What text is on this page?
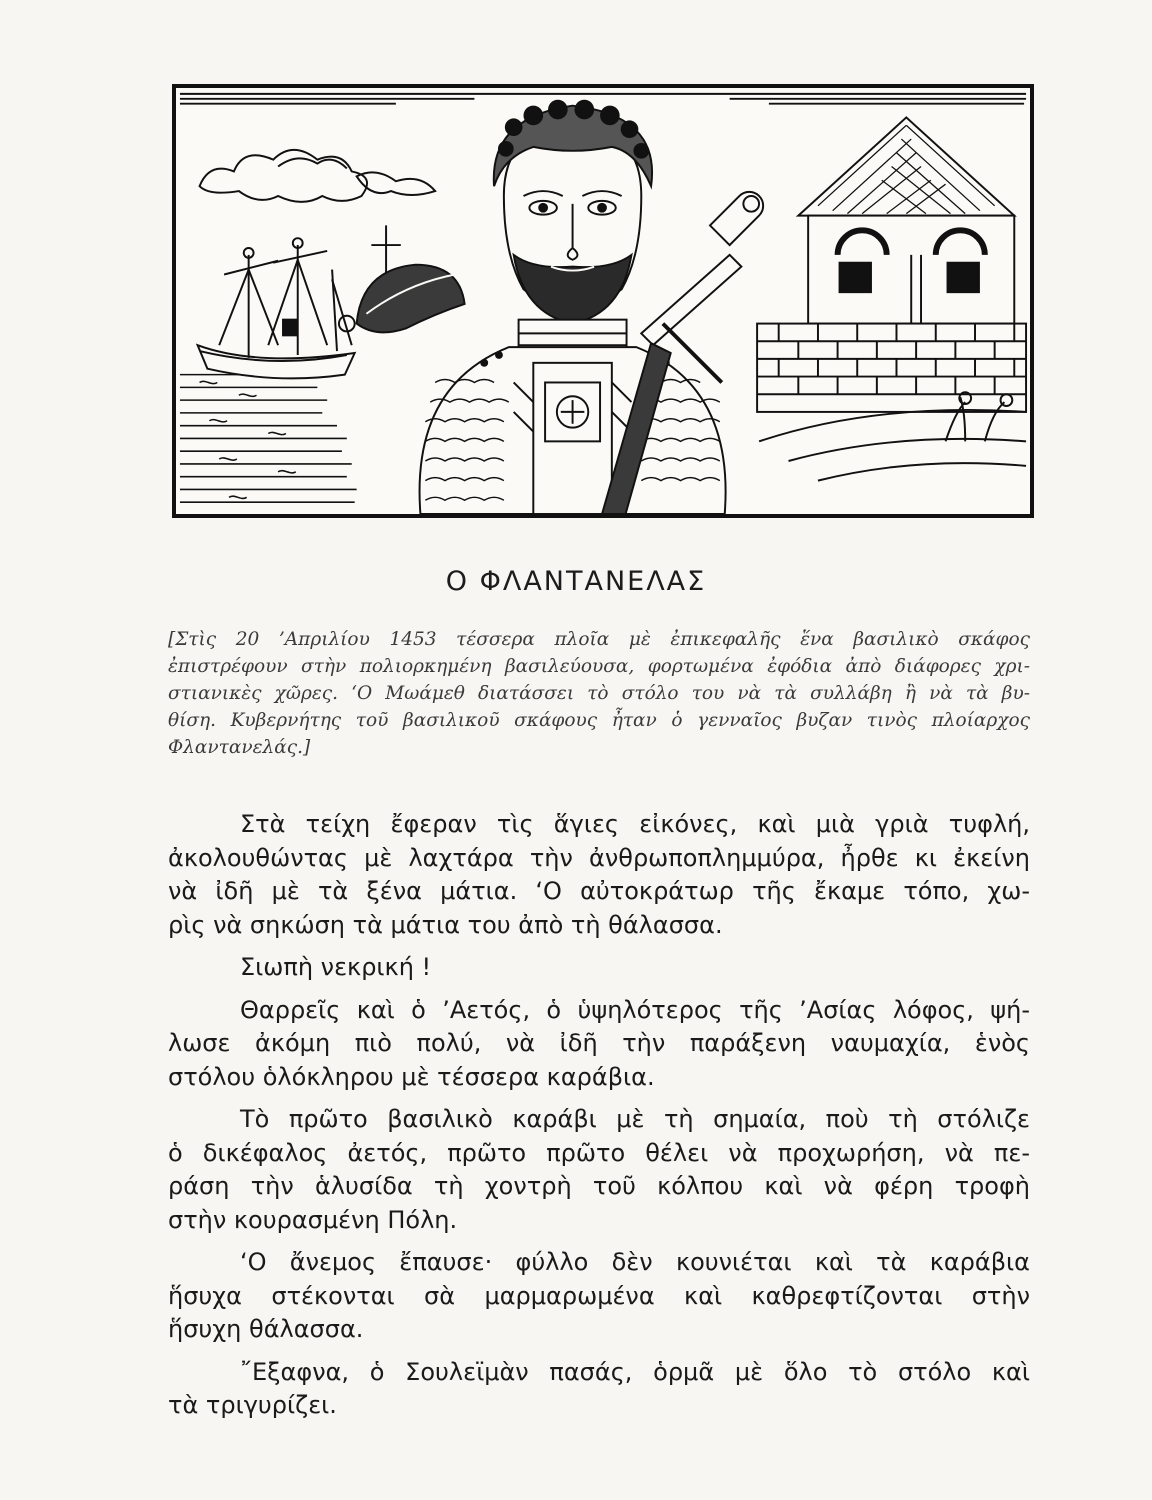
Ο ΦΛΑΝΤΑΝΕΛΑΣ
[Στὶς 20 ’Απριλίου 1453 τέσσερα πλοῖα μὲ ἐπικεφαλῆς ἕνα βασιλικὸ σκάφος
ἐπιστρέφουν στὴν πολιορκημένη βασιλεύουσα, φορτωμένα ἐφόδια ἀπὸ διάφορες χρι-
στιανικὲς χῶρες. ‘Ο Μωάμεθ διατάσσει τὸ στόλο του νὰ τὰ συλλάβη ἢ νὰ τὰ βυ-
θίση. Κυβερνήτης τοῦ βασιλικοῦ σκάφους ἦταν ὁ γενναῖος βυζαν τινὸς πλοίαρχος
Φλαντανελάς.]
Στὰ τείχη ἔφεραν τὶς ἅγιες εἰκόνες, καὶ μιὰ γριὰ τυφλή,
ἀκολουθώντας μὲ λαχτάρα τὴν ἀνθρωποπλημμύρα, ἦρθε κι ἐκείνη
νὰ ἰδῆ μὲ τὰ ξένα μάτια. ‘Ο αὐτοκράτωρ τῆς ἔκαμε τόπο, χω-
ρὶς νὰ σηκώση τὰ μάτια του ἀπὸ τὴ θάλασσα.
Σιωπὴ νεκρική !
Θαρρεῖς καὶ ὁ ’Αετός, ὁ ὑψηλότερος τῆς ’Ασίας λόφος, ψή-
λωσε ἀκόμη πιὸ πολύ, νὰ ἰδῆ τὴν παράξενη ναυμαχία, ἑνὸς
στόλου ὁλόκληρου μὲ τέσσερα καράβια.
Τὸ πρῶτο βασιλικὸ καράβι μὲ τὴ σημαία, ποὺ τὴ στόλιζε
ὁ δικέφαλος ἀετός, πρῶτο πρῶτο θέλει νὰ προχωρήση, νὰ πε-
ράση τὴν ἁλυσίδα τὴ χοντρὴ τοῦ κόλπου καὶ νὰ φέρη τροφὴ
στὴν κουρασμένη Πόλη.
‘Ο ἄνεμος ἔπαυσε· φύλλο δὲν κουνιέται καὶ τὰ καράβια
ἥσυχα στέκονται σὰ μαρμαρωμένα καὶ καθρεφτίζονται στὴν
ἥσυχη θάλασσα.
῎Εξαφνα, ὁ Σουλεϊμὰν πασάς, ὁρμᾶ μὲ ὅλο τὸ στόλο καὶ
τὰ τριγυρίζει.
